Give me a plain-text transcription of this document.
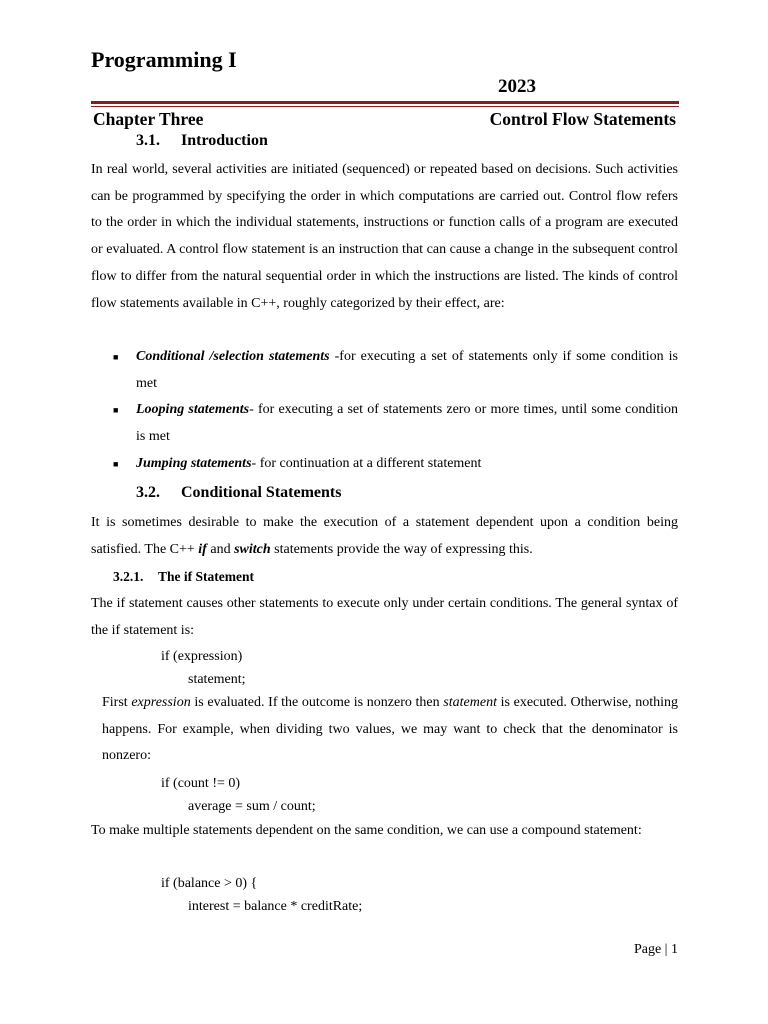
Programming I
2023
Chapter Three	Control Flow Statements
3.1. Introduction
In real world, several activities are initiated (sequenced) or repeated based on decisions. Such activities can be programmed by specifying the order in which computations are carried out. Control flow refers to the order in which the individual statements, instructions or function calls of a program are executed or evaluated. A control flow statement is an instruction that can cause a change in the subsequent control flow to differ from the natural sequential order in which the instructions are listed. The kinds of control flow statements available in C++, roughly categorized by their effect, are:
■ Conditional /selection statements -for executing a set of statements only if some condition is met
■ Looping statements- for executing a set of statements zero or more times, until some condition is met
■ Jumping statements- for continuation at a different statement
3.2. Conditional Statements
It is sometimes desirable to make the execution of a statement dependent upon a condition being satisfied. The C++ if and switch statements provide the way of expressing this.
3.2.1. The if Statement
The if statement causes other statements to execute only under certain conditions. The general syntax of the if statement is:
if (expression)
statement;
First expression is evaluated. If the outcome is nonzero then statement is executed. Otherwise, nothing happens. For example, when dividing two values, we may want to check that the denominator is nonzero:
if (count != 0)
average = sum / count;
To make multiple statements dependent on the same condition, we can use a compound statement:
if (balance > 0) {
interest = balance * creditRate;
Page | 1
